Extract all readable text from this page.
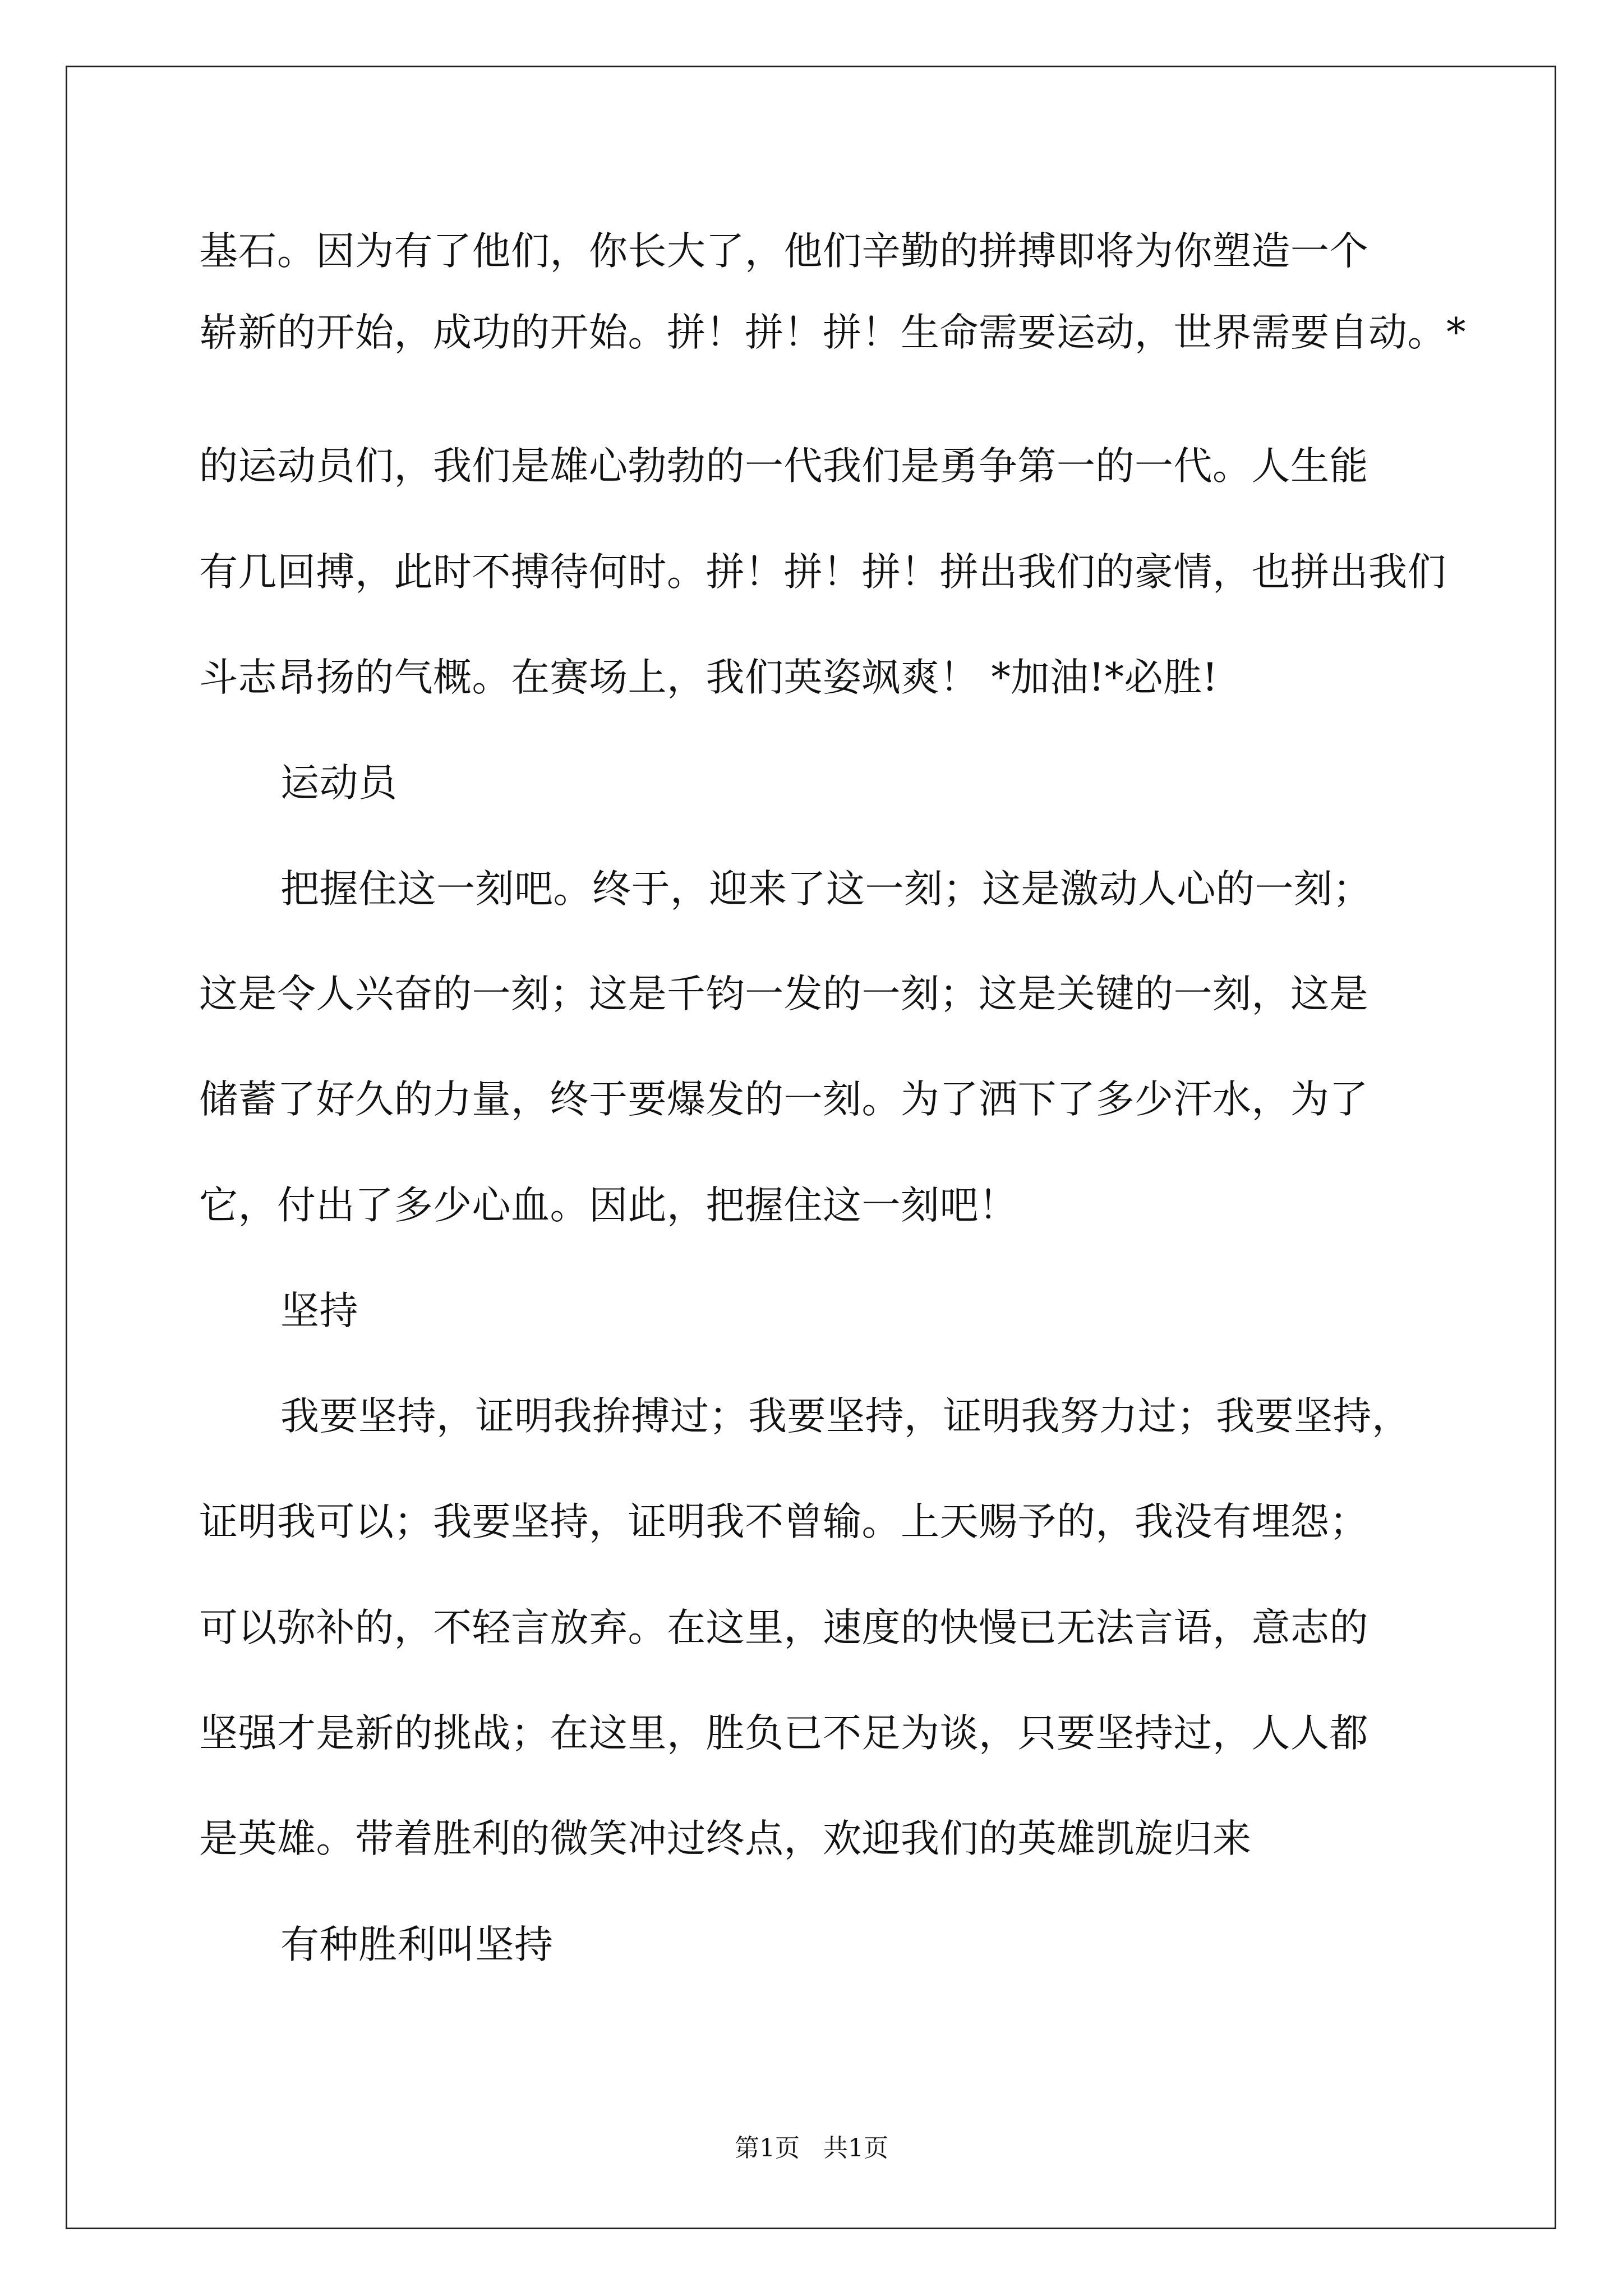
基石。因为有了他们，你长大了，他们辛勤的拼搏即将为你塑造一个
崭新的开始，成功的开始。拼！拼！拼！生命需要运动，世界需要自动。*
的运动员们，我们是雄心勃勃的一代我们是勇争第一的一代。人生能
有几回搏，此时不搏待何时。拼！拼！拼！拼出我们的豪情，也拼出我们
斗志昂扬的气概。在赛场上，我们英姿飒爽！ *加油!*必胜!
运动员
把握住这一刻吧。终于，迎来了这一刻；这是激动人心的一刻；
这是令人兴奋的一刻；这是千钧一发的一刻；这是关键的一刻，这是
储蓄了好久的力量，终于要爆发的一刻。为了洒下了多少汗水，为了
它，付出了多少心血。因此，把握住这一刻吧！
坚持
我要坚持，证明我拚搏过；我要坚持，证明我努力过；我要坚持，
证明我可以；我要坚持，证明我不曾输。上天赐予的，我没有埋怨；
可以弥补的，不轻言放弃。在这里，速度的快慢已无法言语，意志的
坚强才是新的挑战；在这里，胜负已不足为谈，只要坚持过，人人都
是英雄。带着胜利的微笑冲过终点，欢迎我们的英雄凯旋归来
有种胜利叫坚持
第1页   共1页
